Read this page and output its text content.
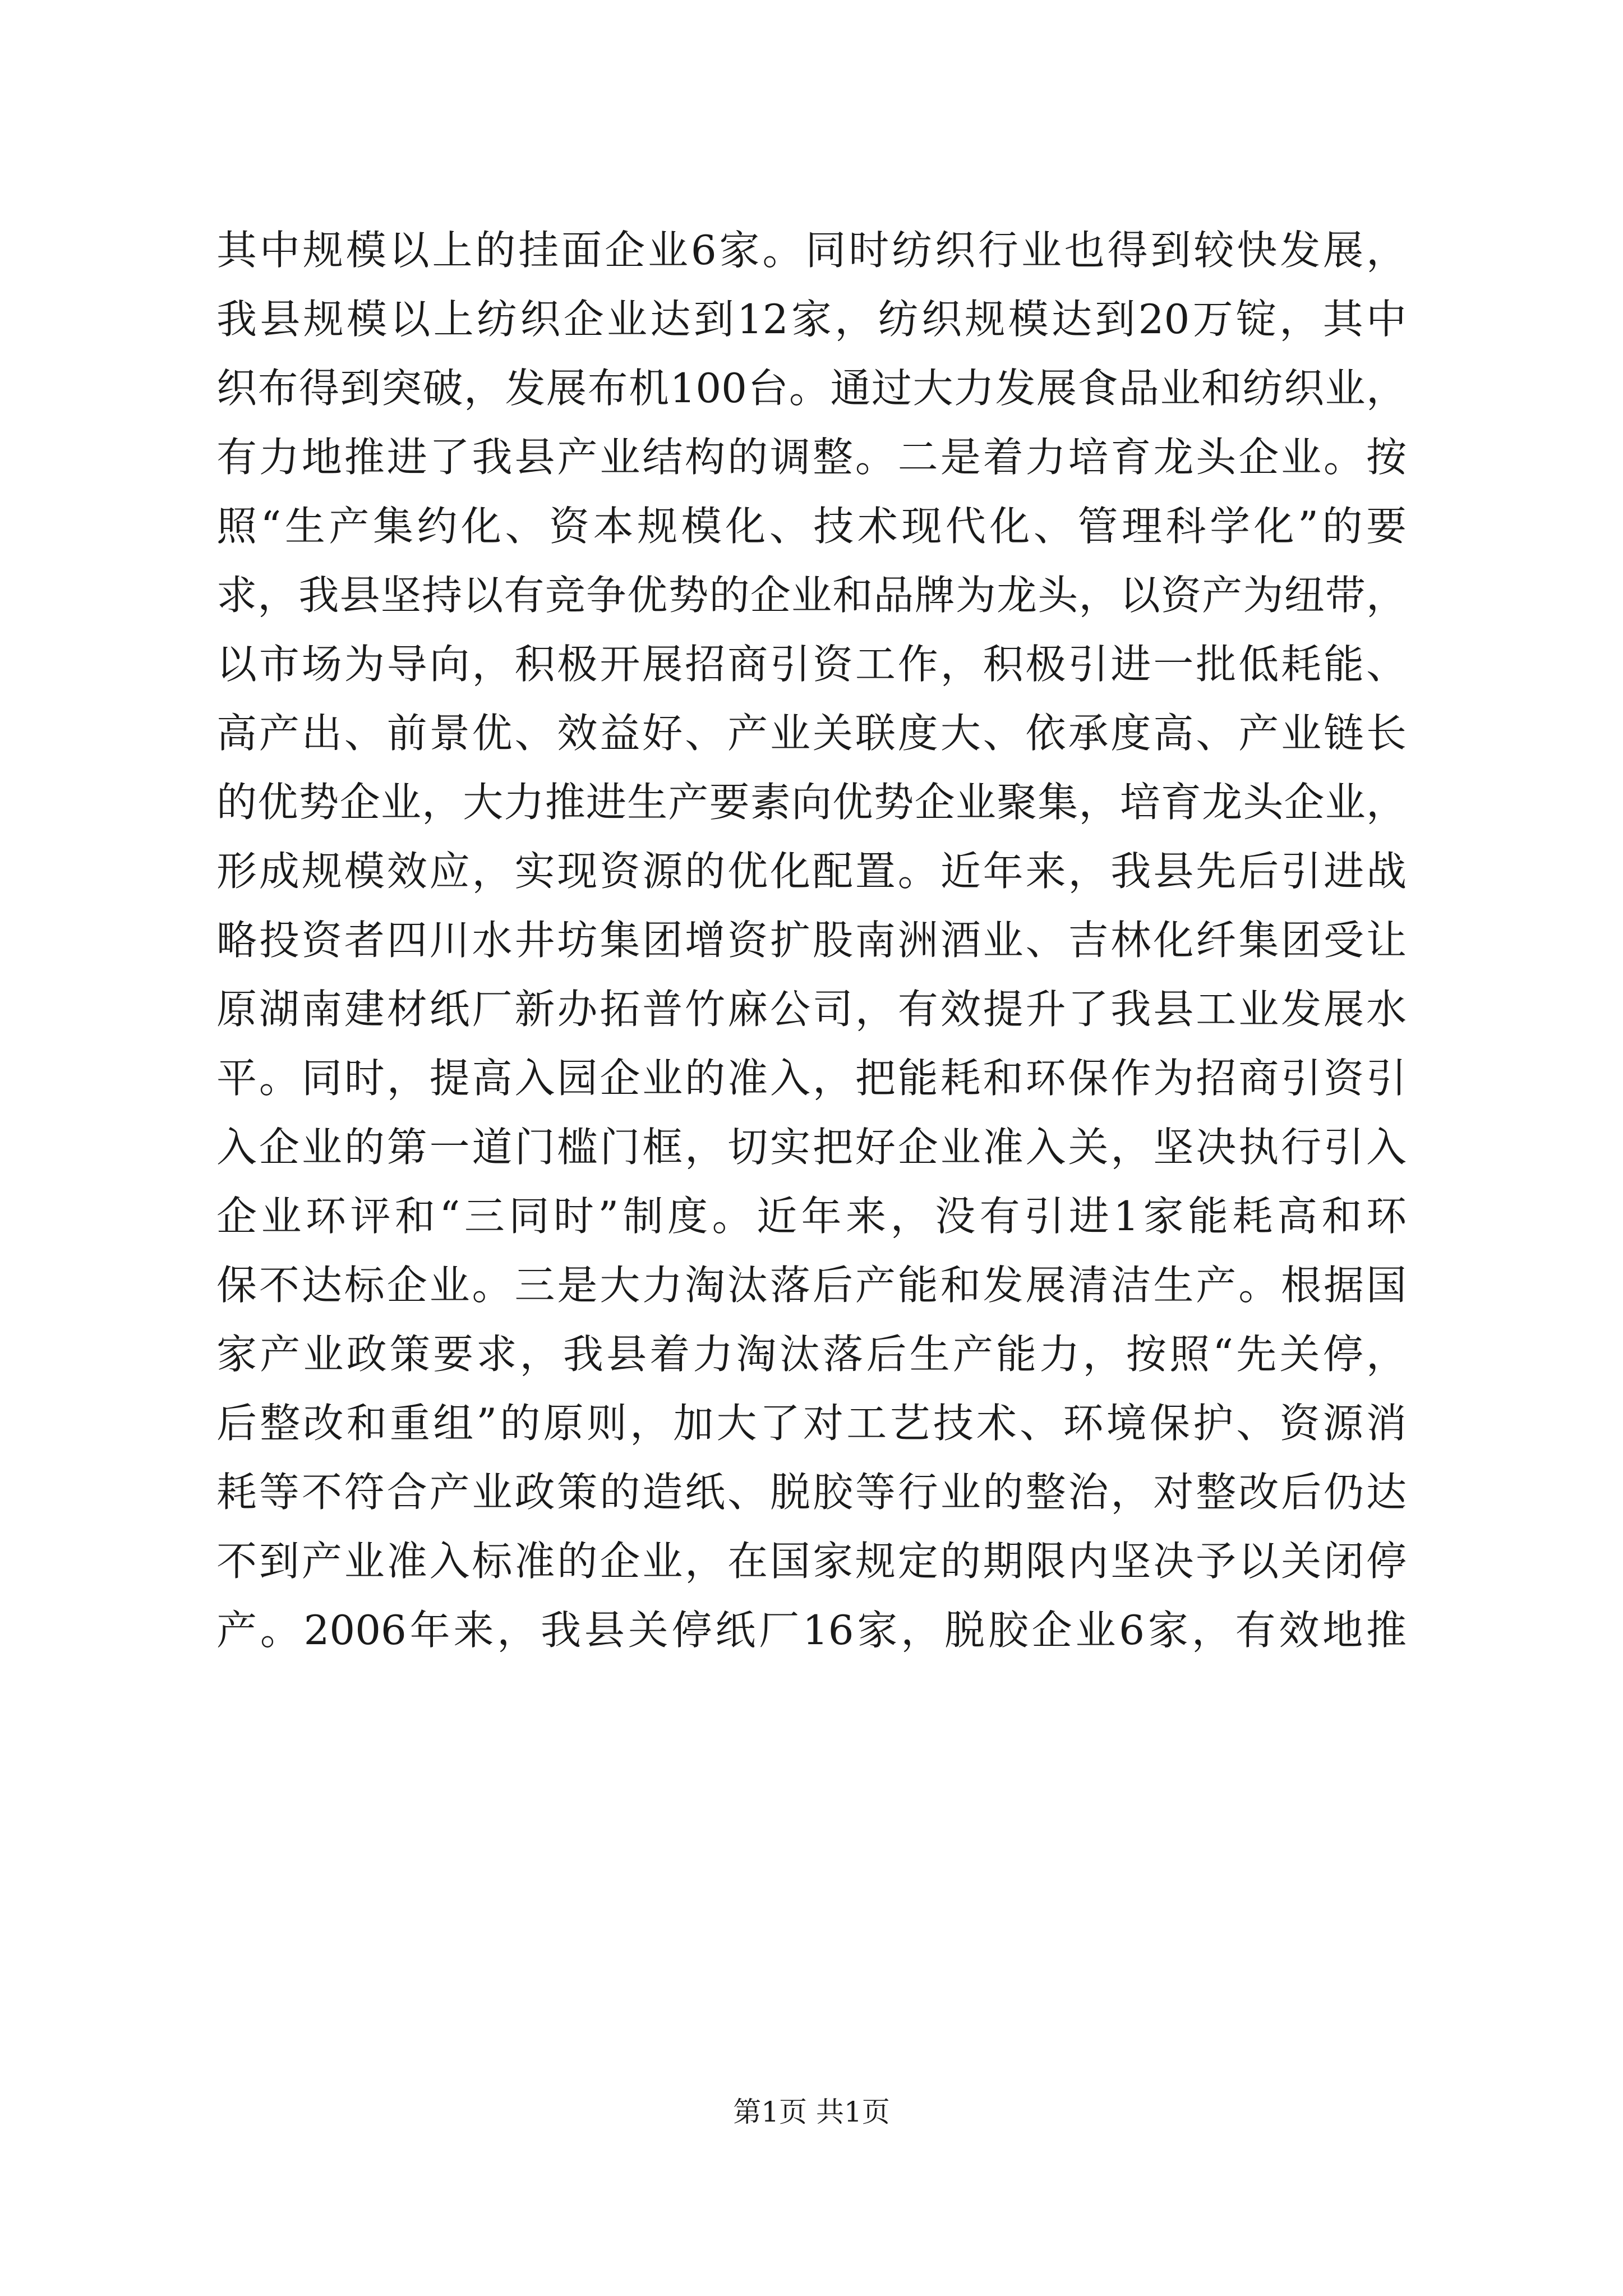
其中规模以上的挂面企业6家。同时纺织行业也得到较快发展，
我县规模以上纺织企业达到12家，纺织规模达到20万锭，其中
织布得到突破，发展布机100台。通过大力发展食品业和纺织业，
有力地推进了我县产业结构的调整。二是着力培育龙头企业。按
照“生产集约化、资本规模化、技术现代化、管理科学化”的要
求，我县坚持以有竞争优势的企业和品牌为龙头，以资产为纽带，
以市场为导向，积极开展招商引资工作，积极引进一批低耗能、
高产出、前景优、效益好、产业关联度大、依承度高、产业链长
的优势企业，大力推进生产要素向优势企业聚集，培育龙头企业，
形成规模效应，实现资源的优化配置。近年来，我县先后引进战
略投资者四川水井坊集团增资扩股南洲酒业、吉林化纤集团受让
原湖南建材纸厂新办拓普竹麻公司，有效提升了我县工业发展水
平。同时，提高入园企业的准入，把能耗和环保作为招商引资引
入企业的第一道门槛门框，切实把好企业准入关，坚决执行引入
企业环评和“三同时”制度。近年来，没有引进1家能耗高和环
保不达标企业。三是大力淘汰落后产能和发展清洁生产。根据国
家产业政策要求，我县着力淘汰落后生产能力，按照“先关停，
后整改和重组”的原则，加大了对工艺技术、环境保护、资源消
耗等不符合产业政策的造纸、脱胶等行业的整治，对整改后仍达
不到产业准入标准的企业，在国家规定的期限内坚决予以关闭停
产。2006年来，我县关停纸厂16家，脱胶企业6家，有效地推
第1页 共1页
